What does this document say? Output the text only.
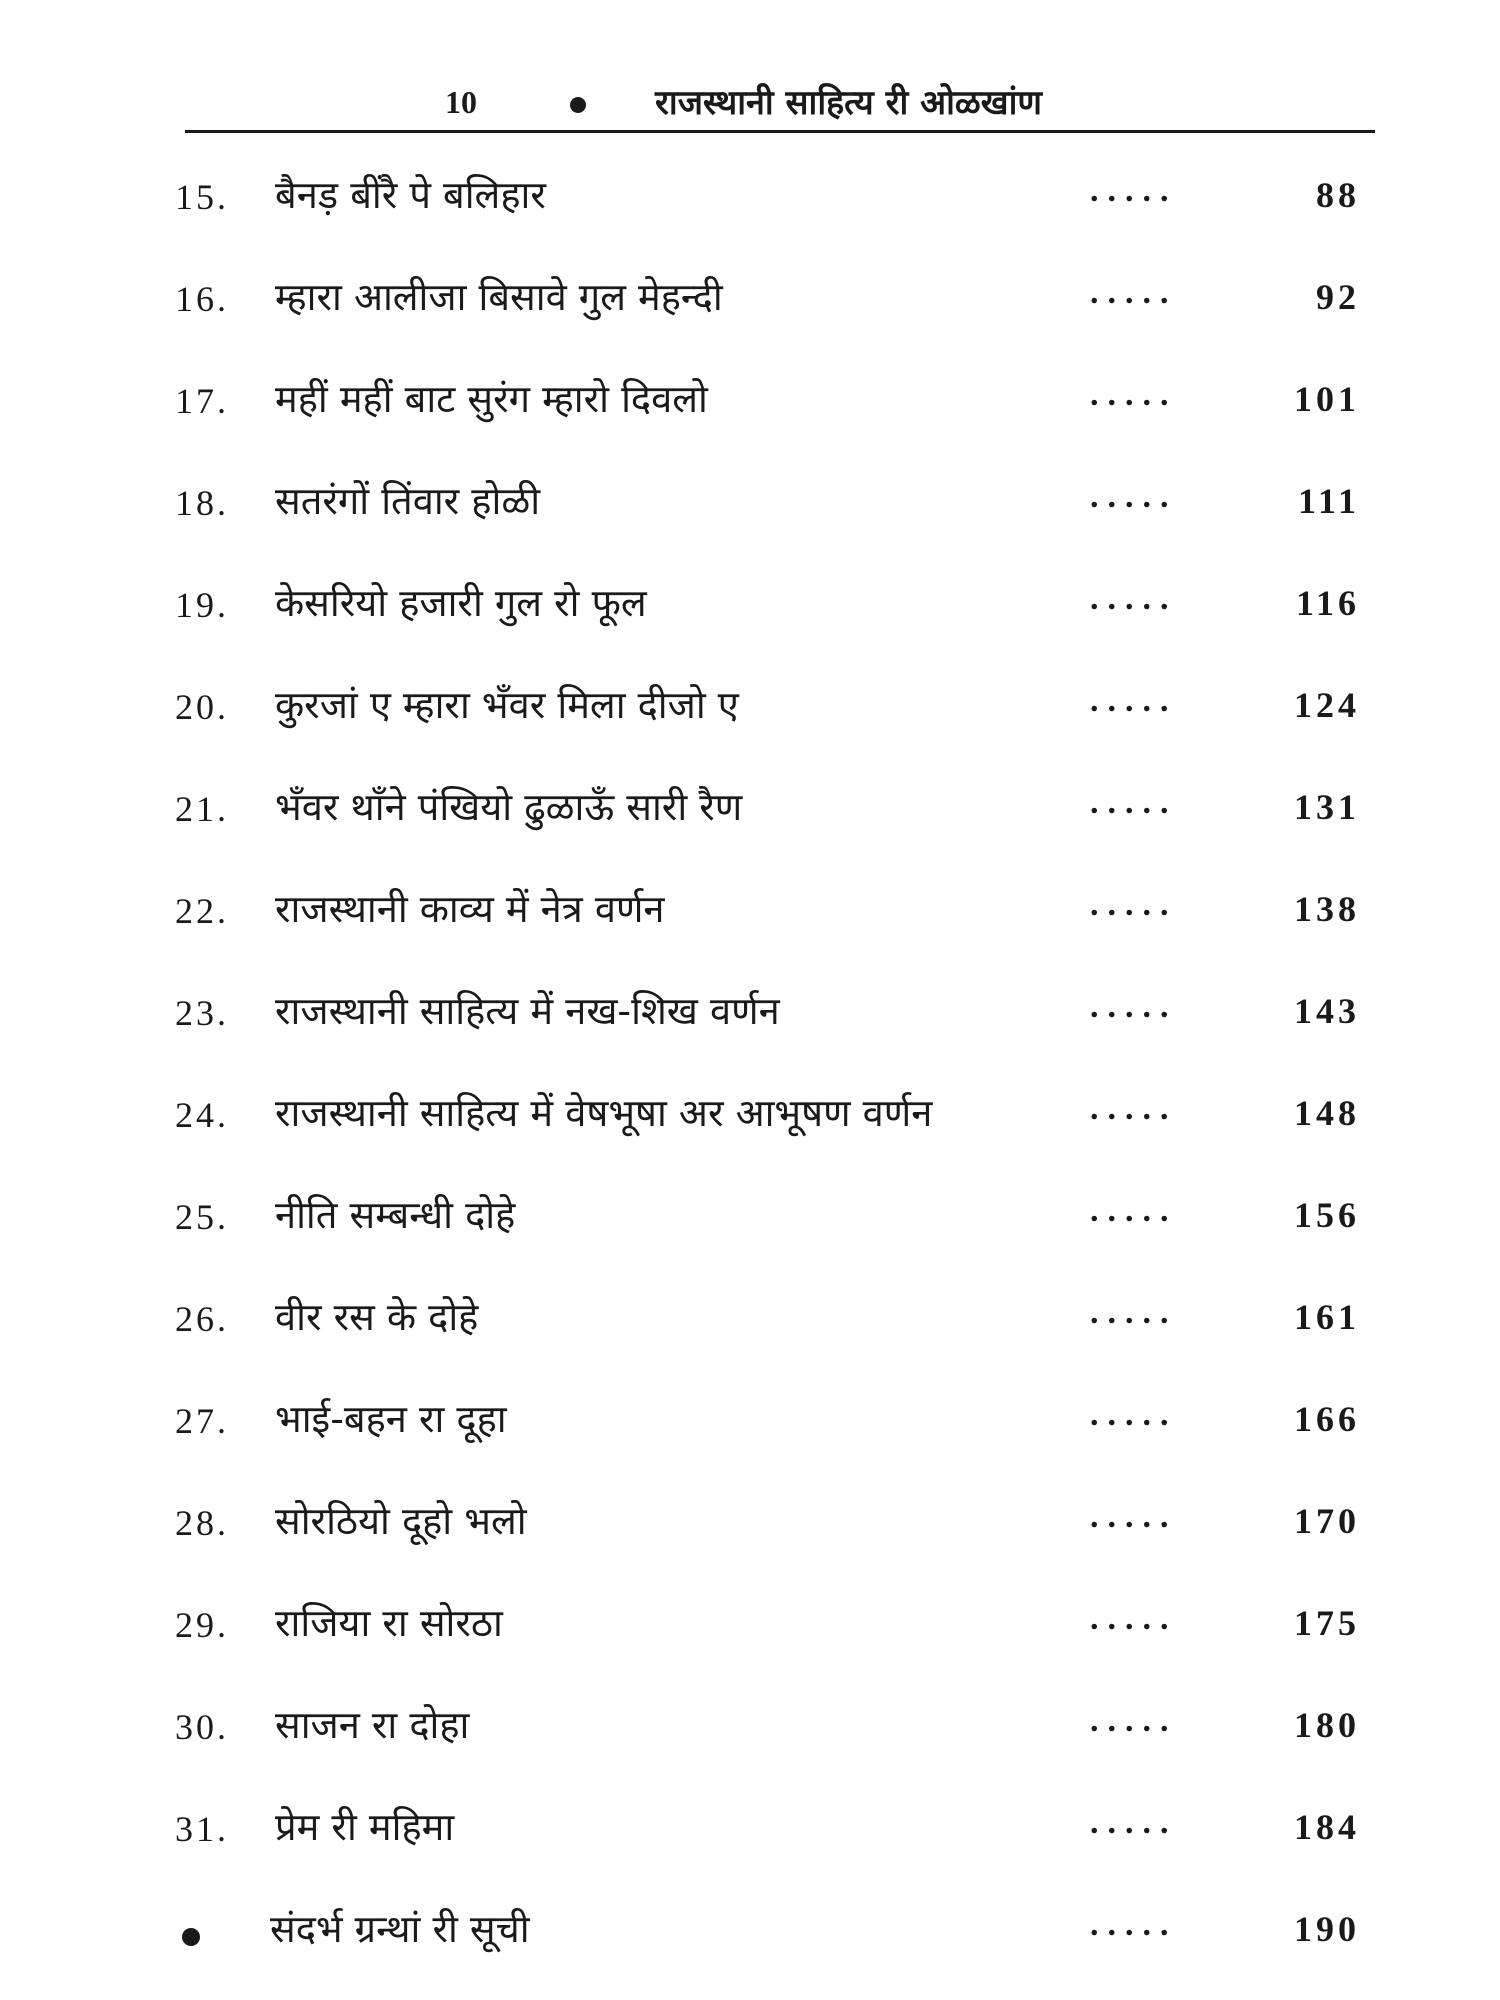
10	राजस्थानी साहित्य री ओळखांण
15. बैनड़ बींरै पे बलिहार	.....	88
16. म्हारा आलीजा बिसावे गुल मेहन्दी	.....	92
17. महीं महीं बाट सुरंग म्हारो दिवलो	.....	101
18. सतरंगों तिंवार होळी	.....	111
19. केसरियो हजारी गुल रो फूल	.....	116
20. कुरजां ए म्हारा भँवर मिला दीजो ए	.....	124
21. भँवर थाँने पंखियो ढुळाऊँ सारी रैण	.....	131
22. राजस्थानी काव्य में नेत्र वर्णन	.....	138
23. राजस्थानी साहित्य में नख-शिख वर्णन	.....	143
24. राजस्थानी साहित्य में वेषभूषा अर आभूषण वर्णन	.....	148
25. नीति सम्बन्धी दोहे	.....	156
26. वीर रस के दोहे	.....	161
27. भाई-बहन रा दूहा	.....	166
28. सोरठियो दूहो भलो	.....	170
29. राजिया रा सोरठा	.....	175
30. साजन रा दोहा	.....	180
31. प्रेम री महिमा	.....	184
संदर्भ ग्रन्थां री सूची	.....	190
